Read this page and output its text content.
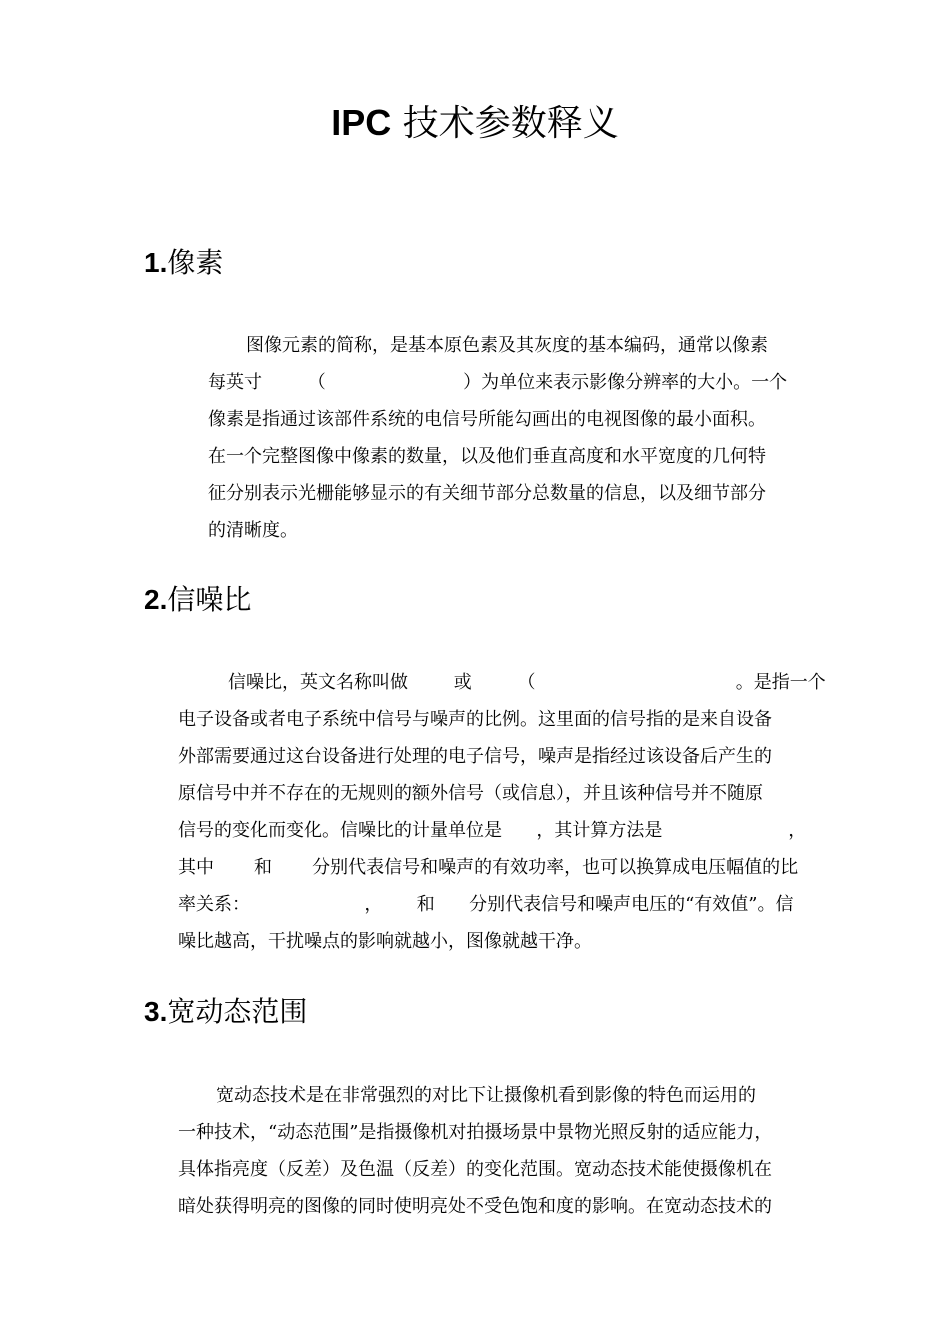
IPC 技术参数释义
1.像素
图像元素的简称，是基本原色素及其灰度的基本编码，通常以像素
每英寸        （                        ）为单位来表示影像分辨率的大小。一个
像素是指通过该部件系统的电信号所能勾画出的电视图像的最小面积。
在一个完整图像中像素的数量，以及他们垂直高度和水平宽度的几何特
征分别表示光栅能够显示的有关细节部分总数量的信息，以及细节部分
的清晰度。
2.信噪比
信噪比，英文名称叫做        或        （                                   。是指一个
电子设备或者电子系统中信号与噪声的比例。这里面的信号指的是来自设备
外部需要通过这台设备进行处理的电子信号，噪声是指经过该设备后产生的
原信号中并不存在的无规则的额外信号（或信息），并且该种信号并不随原
信号的变化而变化。信噪比的计量单位是      ，其计算方法是                      ，
其中       和       分别代表信号和噪声的有效功率，也可以换算成电压幅值的比
率关系：                    ，      和      分别代表信号和噪声电压的“有效值”。信
噪比越高，干扰噪点的影响就越小，图像就越干净。
3.宽动态范围
宽动态技术是在非常强烈的对比下让摄像机看到影像的特色而运用的
一种技术，“动态范围”是指摄像机对拍摄场景中景物光照反射的适应能力，
具体指亮度（反差）及色温（反差）的变化范围。宽动态技术能使摄像机在
暗处获得明亮的图像的同时使明亮处不受色饱和度的影响。在宽动态技术的
